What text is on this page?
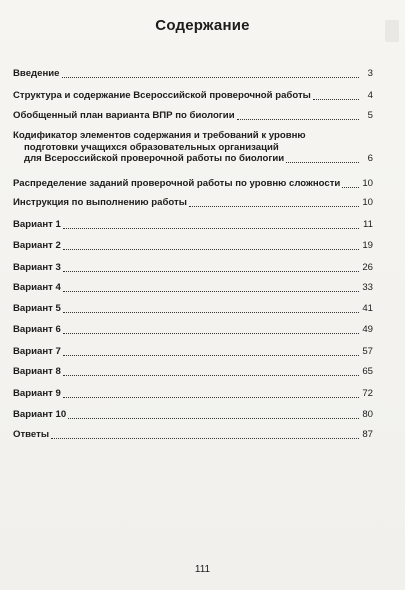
Содержание
Введение	3
Структура и содержание Всероссийской проверочной работы	4
Обобщенный план варианта ВПР по биологии	5
Кодификатор элементов содержания и требований к уровню
подготовки учащихся образовательных организаций
для Всероссийской проверочной работы по биологии	6
Распределение заданий проверочной работы по уровню сложности 10
Инструкция по выполнению работы	10
Вариант 1	11
Вариант 2	19
Вариант 3	26
Вариант 4	33
Вариант 5	41
Вариант 6	49
Вариант 7	57
Вариант 8	65
Вариант 9	72
Вариант 10	80
Ответы	87
111
